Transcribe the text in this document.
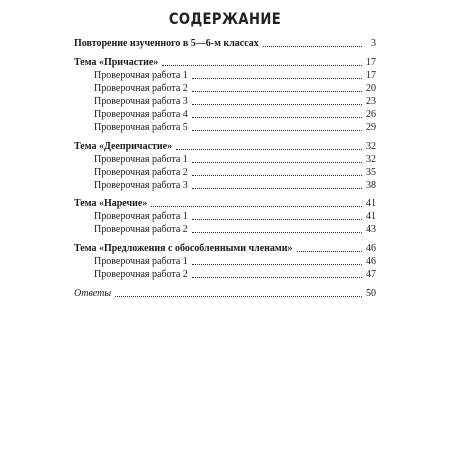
СОДЕРЖАНИЕ
Повторение изученного в 5—6-м классах	3
Тема «Причастие»	17
Проверочная работа 1	17
Проверочная работа 2	20
Проверочная работа 3	23
Проверочная работа 4	26
Проверочная работа 5	29
Тема «Деепричастие»	32
Проверочная работа 1	32
Проверочная работа 2	35
Проверочная работа 3	38
Тема «Наречие»	41
Проверочная работа 1	41
Проверочная работа 2	43
Тема «Предложения с обособленными членами»	46
Проверочная работа 1	46
Проверочная работа 2	47
Ответы	50
